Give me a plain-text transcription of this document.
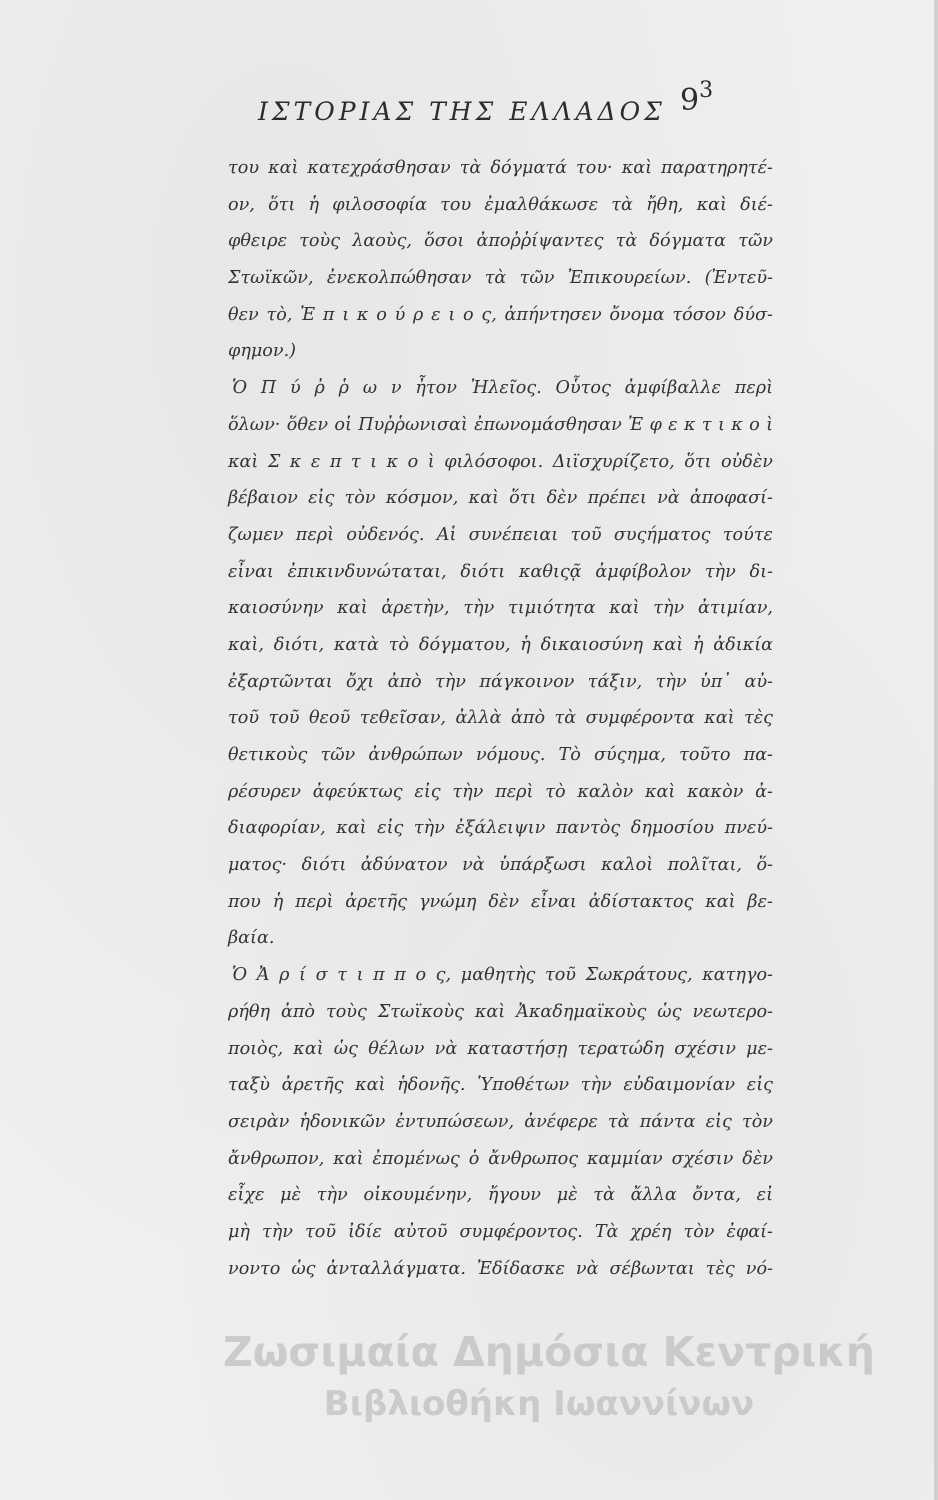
ΙΣΤΟΡΙΑΣ ΤΗΣ ΕΛΛΑΔΟΣ 93
του καὶ κατεχράσθησαν τὰ δόγματά του· καὶ παρατηρητέ-
ον, ὅτι ἡ φιλοσοφία του ἐμαλθάκωσε τὰ ἤθη, καὶ διέ-
φθειρε τοὺς λαοὺς, ὅσοι ἀποῤῥίψαντες τὰ δόγματα τῶν
Στωϊκῶν, ἐνεκολπώθησαν τὰ τῶν Ἐπικουρείων. (Ἐντεῦ-
θεν τὸ, Ἐ π ι κ ο ύ ρ ε ι ο ς, ἀπήντησεν ὄνομα τόσον δύσ-
φημον.)
Ὁ Π ύ ῤ ῥ ω ν ἦτον Ἠλεῖος. Οὗτος ἀμφίβαλλε περὶ
ὅλων· ὅθεν οἱ Πυῤῥωνισαὶ ἐπωνομάσθησαν Ἐ φ ε κ τ ι κ ο ὶ
καὶ Σ κ ε π τ ι κ ο ὶ φιλόσοφοι. Διϊσχυρίζετο, ὅτι οὐδὲν
βέβαιον εἰς τὸν κόσμον, καὶ ὅτι δὲν πρέπει νὰ ἀποφασί-
ζωμεν περὶ οὐδενός. Αἱ συνέπειαι τοῦ συςήματος τούτε
εἶναι ἐπικινδυνώταται, διότι καθιςᾷ ἀμφίβολον τὴν δι-
καιοσύνην καὶ ἀρετὴν, τὴν τιμιότητα καὶ τὴν ἀτιμίαν,
καὶ, διότι, κατὰ τὸ δόγματου, ἡ δικαιοσύνη καὶ ἡ ἀδικία
ἐξαρτῶνται ὄχι ἀπὸ τὴν πάγκοινον τάξιν, τὴν ὑπ᾽ αὐ-
τοῦ τοῦ θεοῦ τεθεῖσαν, ἀλλὰ ἀπὸ τὰ συμφέροντα καὶ τὲς
θετικοὺς τῶν ἀνθρώπων νόμους. Τὸ σύςημα, τοῦτο πα-
ρέσυρεν ἀφεύκτως εἰς τὴν περὶ τὸ καλὸν καὶ κακὸν ἀ-
διαφορίαν, καὶ εἰς τὴν ἐξάλειψιν παντὸς δημοσίου πνεύ-
ματος· διότι ἀδύνατον νὰ ὑπάρξωσι καλοὶ πολῖται, ὅ-
που ἡ περὶ ἀρετῆς γνώμη δὲν εἶναι ἀδίστακτος καὶ βε-
βαία.
Ὁ Ἀ ρ ί σ τ ι π π ο ς, μαθητὴς τοῦ Σωκράτους, κατηγο-
ρήθη ἀπὸ τοὺς Στωϊκοὺς καὶ Ἀκαδημαϊκοὺς ὡς νεωτερο-
ποιὸς, καὶ ὡς θέλων νὰ καταστήσῃ τερατώδη σχέσιν με-
ταξὺ ἀρετῆς καὶ ἡδονῆς. Ὑποθέτων τὴν εὐδαιμονίαν εἰς
σειρὰν ἡδονικῶν ἐντυπώσεων, ἀνέφερε τὰ πάντα εἰς τὸν
ἄνθρωπον, καὶ ἐπομένως ὁ ἄνθρωπος καμμίαν σχέσιν δὲν
εἶχε μὲ τὴν οἰκουμένην, ἤγουν μὲ τὰ ἄλλα ὄντα, εἰ
μὴ τὴν τοῦ ἰδίε αὐτοῦ συμφέροντος. Τὰ χρέη τὸν ἐφαί-
νοντο ὡς ἀνταλλάγματα. Ἐδίδασκε νὰ σέβωνται τὲς νό-
Ζωσιμαία Δημόσια Κεντρική
Βιβλιοθήκη Ιωαννίνων
